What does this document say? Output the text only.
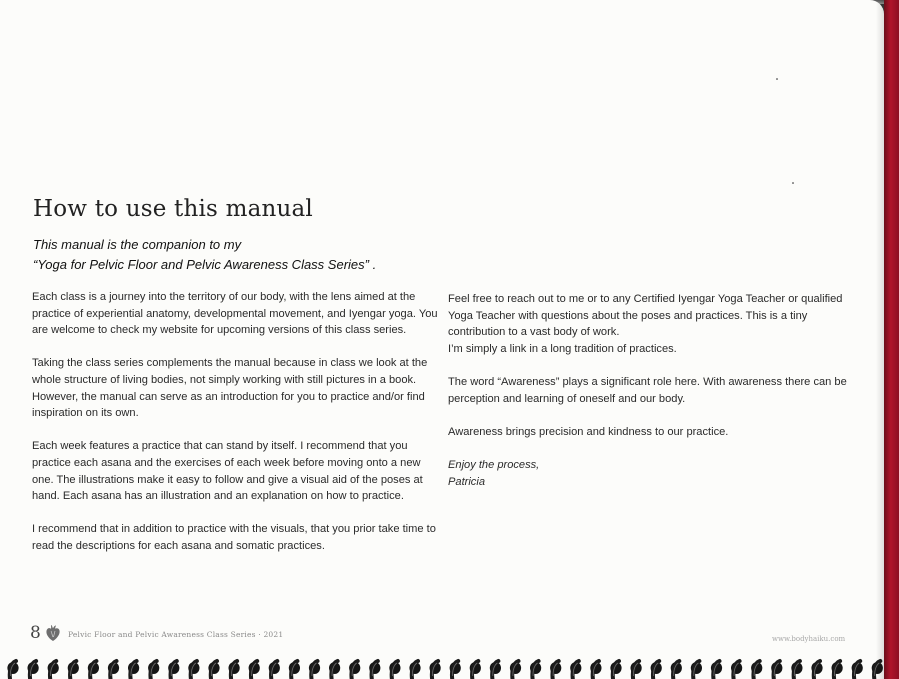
How to use this manual
This manual is the companion to my
“Yoga for Pelvic Floor and Pelvic Awareness Class Series” .

Each class is a journey into the territory of our body, with the lens aimed at the practice of experiential anatomy, developmental movement, and Iyengar yoga. You are welcome to check my website for upcoming versions of this class series.

Taking the class series complements the manual because in class we look at the whole structure of living bodies, not simply working with still pictures in a book. However, the manual can serve as an introduction for you to practice and/or find inspiration on its own.

Each week features a practice that can stand by itself. I recommend that you practice each asana and the exercises of each week before moving onto a new one. The illustrations make it easy to follow and give a visual aid of the poses at hand. Each asana has an illustration and an explanation on how to practice.

I recommend that in addition to practice with the visuals, that you prior take time to read the descriptions for each asana and somatic practices.

Feel free to reach out to me or to any Certified Iyengar Yoga Teacher or qualified Yoga Teacher with questions about the poses and practices. This is a tiny contribution to a vast body of work.

I’m simply a link in a long tradition of practices.

The word “Awareness” plays a significant role here. With awareness there can be perception and learning of oneself and our body.

Awareness brings precision and kindness to our practice.

Enjoy the process,
Patricia
8	Pelvic Floor and Pelvic Awareness Class Series · 2021	www.bodyhaiku.com
